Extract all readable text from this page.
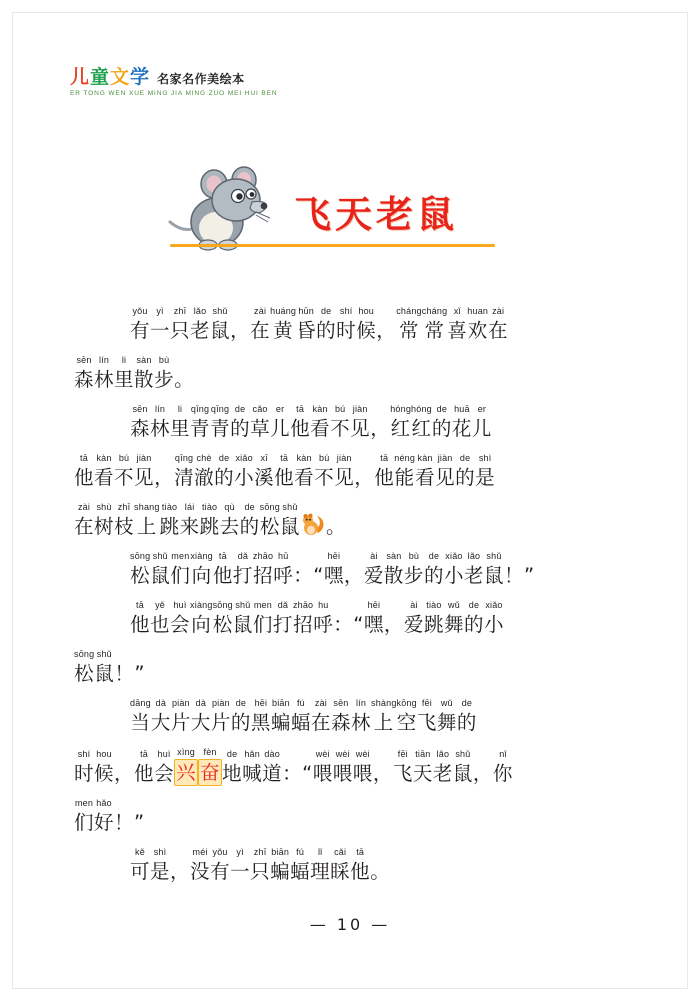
儿童文学 名家名作美绘本
ER TONG WEN XUE MING JIA MING ZUO MEI HUI BEN
飞天老鼠
yǒu
有
yì
一
zhī
只
lǎo
老
shǔ
鼠 ，
zài
在
huáng
黄
hūn
昏
de
的
shí
时
hou
候 ，
cháng
常
cháng
常
xǐ
喜
huan
欢
zài
在
sēn
森
lín
林
li
里
sàn
散
bù
步 。
sēn
森
lín
林
li
里
qīng
青
qīng
青
de
的
cǎo
草
er
儿
tā
他
kàn
看
bú
不
jiàn
见 ，
hóng
红
hóng
红
de
的
huā
花
er
儿
tā
他
kàn
看
bú
不
jiàn
见 ，
qīng
清
chè
澈
de
的
xiǎo
小
xī
溪
tā
他
kàn
看
bú
不
jiàn
见 ，
tā
他
néng
能
kàn
看
jiàn
见
de
的
shì
是
zài
在
shù
树
zhī
枝
shang
上
tiào
跳
lái
来
tiào
跳
qù
去
de
的
sōng
松
shǔ
鼠 。
sōng
松
shǔ
鼠
men
们
xiàng
向
tā
他
dǎ
打
zhāo
招
hū
呼 ：“
hēi
嘿 ，
ài
爱
sàn
散
bù
步
de
的
xiǎo
小
lǎo
老
shǔ
鼠 ！”
tā
他
yě
也
huì
会
xiàng
向
sōng
松
shǔ
鼠
men
们
dǎ
打
zhāo
招
hu
呼 ：“
hēi
嘿 ，
ài
爱
tiào
跳
wǔ
舞
de
的
xiǎo
小
sōng
松
shǔ
鼠 ！”
dāng
当
dà
大
piàn
片
dà
大
piàn
片
de
的
hēi
黑
biān
蝙
fú
蝠
zài
在
sēn
森
lín
林
shàng
上
kōng
空
fēi
飞
wǔ
舞
de
的
shí
时
hou
候 ，
tā
他
huì
会
xìng
兴
fèn
奋
de
地
hǎn
喊
dào
道 ：“
wèi
喂
wèi
喂
wèi
喂 ，
fēi
飞
tiān
天
lǎo
老
shǔ
鼠 ，
nǐ
你
men
们
hǎo
好 ！”
kě
可
shì
是 ，
méi
没
yǒu
有
yì
一
zhī
只
biān
蝙
fú
蝠
lǐ
理
cǎi
睬
tā
他 。
— 10 —
